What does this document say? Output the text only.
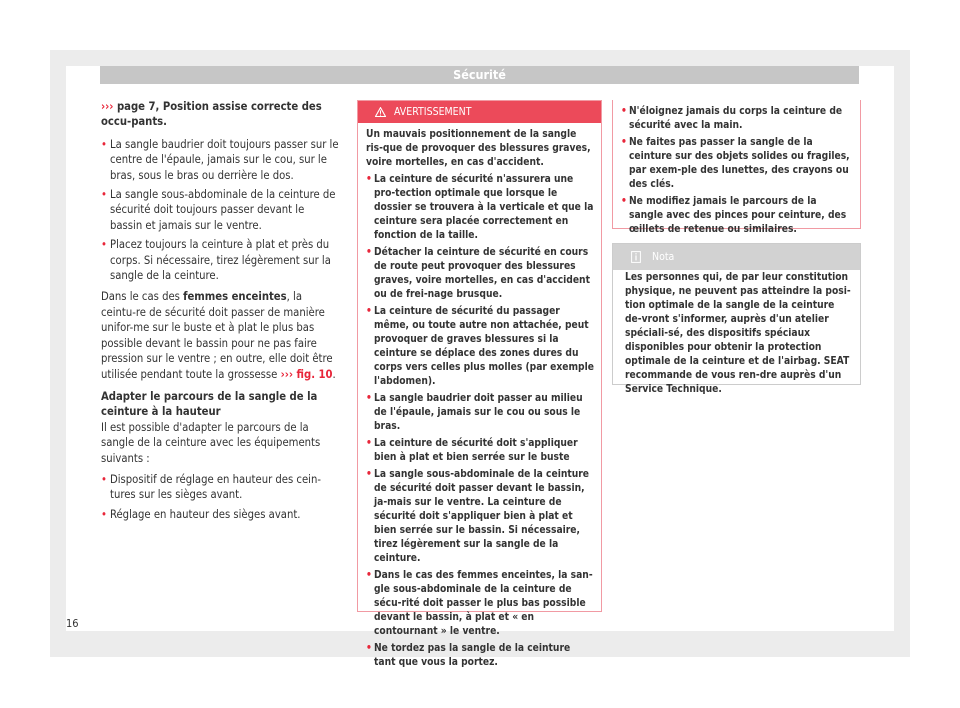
Sécurité

››› page 7, Position assise correcte des occu-pants.

• La sangle baudrier doit toujours passer sur le centre de l'épaule, jamais sur le cou, sur le bras, sous le bras ou derrière le dos.
• La sangle sous-abdominale de la ceinture de sécurité doit toujours passer devant le bassin et jamais sur le ventre.
• Placez toujours la ceinture à plat et près du corps. Si nécessaire, tirez légèrement sur la sangle de la ceinture.

Dans le cas des femmes enceintes, la ceintu-re de sécurité doit passer de manière unifor-me sur le buste et à plat le plus bas possible devant le bassin pour ne pas faire pression sur le ventre ; en outre, elle doit être utilisée pendant toute la grossesse ››› fig. 10.

Adapter le parcours de la sangle de la ceinture à la hauteur

Il est possible d'adapter le parcours de la sangle de la ceinture avec les équipements suivants :

• Dispositif de réglage en hauteur des cein-tures sur les sièges avant.
• Réglage en hauteur des sièges avant.
AVERTISSEMENT

Un mauvais positionnement de la sangle ris-que de provoquer des blessures graves, voire mortelles, en cas d'accident.

• La ceinture de sécurité n'assurera une pro-tection optimale que lorsque le dossier se trouvera à la verticale et que la ceinture sera placée correctement en fonction de la taille.
• Détacher la ceinture de sécurité en cours de route peut provoquer des blessures graves, voire mortelles, en cas d'accident ou de frei-nage brusque.
• La ceinture de sécurité du passager même, ou toute autre non attachée, peut provoquer de graves blessures si la ceinture se déplace des zones dures du corps vers celles plus molles (par exemple l'abdomen).
• La sangle baudrier doit passer au milieu de l'épaule, jamais sur le cou ou sous le bras.
• La ceinture de sécurité doit s'appliquer bien à plat et bien serrée sur le buste
• La sangle sous-abdominale de la ceinture de sécurité doit passer devant le bassin, ja-mais sur le ventre. La ceinture de sécurité doit s'appliquer bien à plat et bien serrée sur le bassin. Si nécessaire, tirez légèrement sur la sangle de la ceinture.
• Dans le cas des femmes enceintes, la san-gle sous-abdominale de la ceinture de sécu-rité doit passer le plus bas possible devant le bassin, à plat et « en contournant » le ventre.
• Ne tordez pas la sangle de la ceinture tant que vous la portez.
• N'éloignez jamais du corps la ceinture de sécurité avec la main.
• Ne faites pas passer la sangle de la ceinture sur des objets solides ou fragiles, par exem-ple des lunettes, des crayons ou des clés.
• Ne modifiez jamais le parcours de la sangle avec des pinces pour ceinture, des œillets de retenue ou similaires.
Nota
Les personnes qui, de par leur constitution physique, ne peuvent pas atteindre la posi-tion optimale de la sangle de la ceinture de-vront s'informer, auprès d'un atelier spéciali-sé, des dispositifs spéciaux disponibles pour obtenir la protection optimale de la ceinture et de l'airbag. SEAT recommande de vous ren-dre auprès d'un Service Technique.
16
